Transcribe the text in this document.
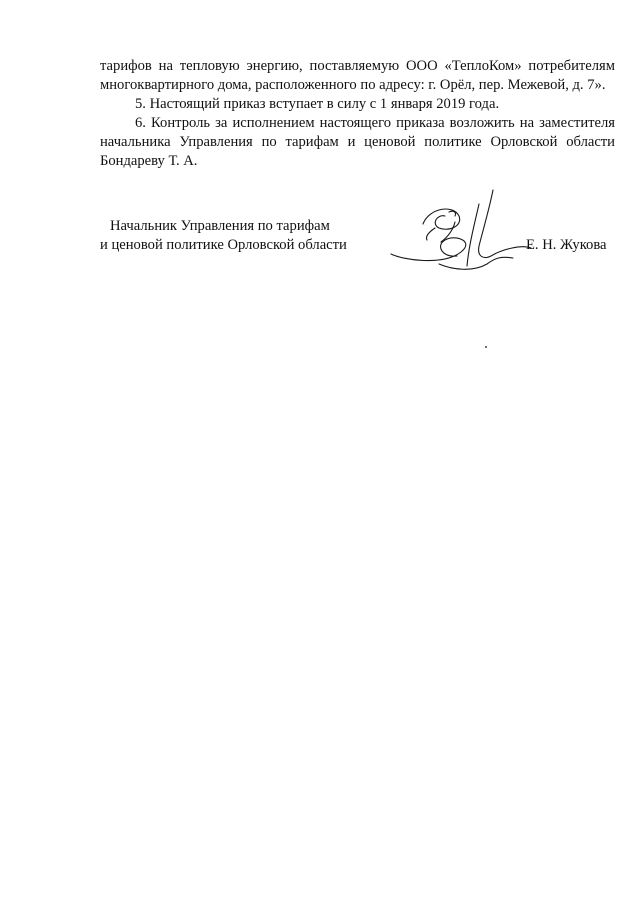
тарифов на тепловую энергию, поставляемую ООО «ТеплоКом» потребителям многоквартирного дома, расположенного по адресу: г. Орёл, пер. Межевой, д. 7».

5. Настоящий приказ вступает в силу с 1 января 2019 года.

6. Контроль за исполнением настоящего приказа возложить на заместителя начальника Управления по тарифам и ценовой политике Орловской области Бондареву Т. А.

Начальник Управления по тарифам
и ценовой политике Орловской области	Е. Н. Жукова
